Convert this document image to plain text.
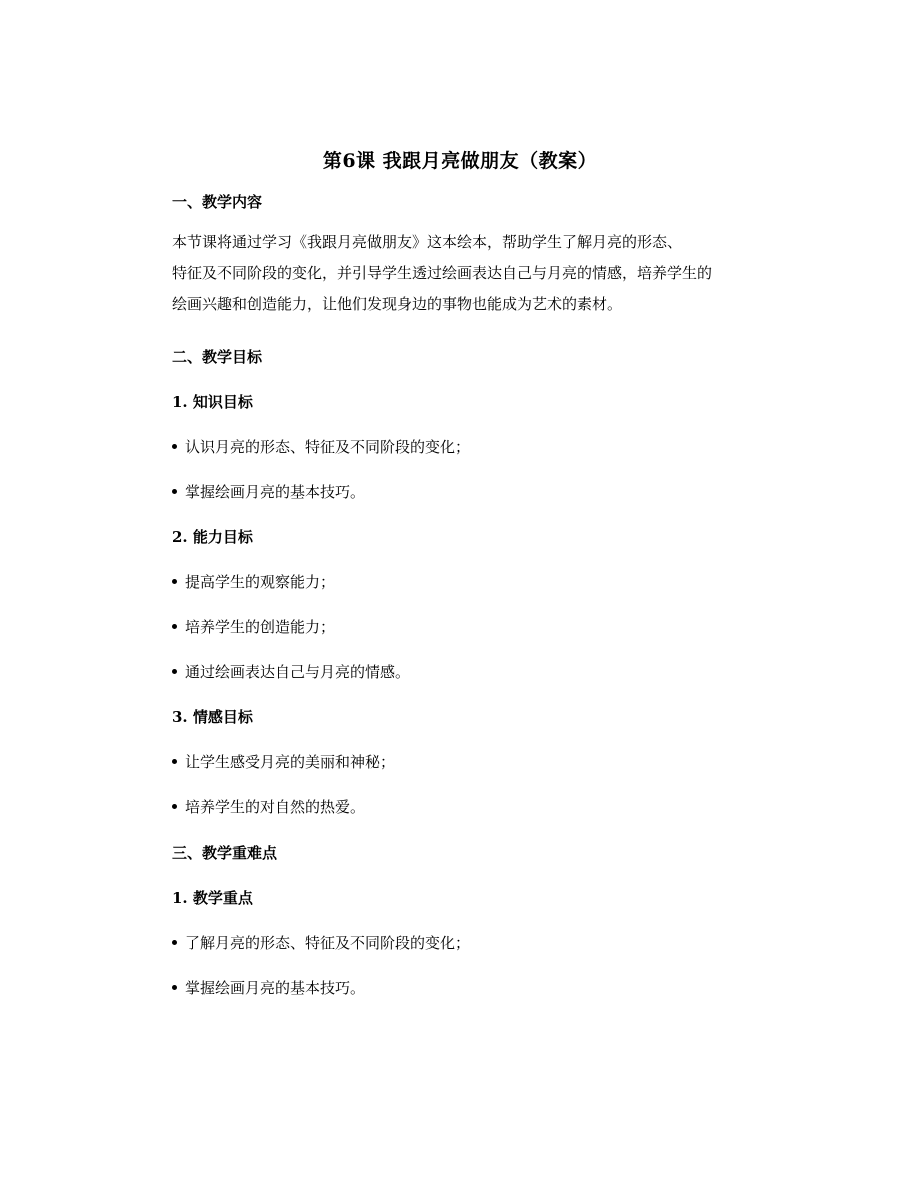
第6课 我跟月亮做朋友（教案）
一、教学内容
本节课将通过学习《我跟月亮做朋友》这本绘本，帮助学生了解月亮的形态、
特征及不同阶段的变化，并引导学生透过绘画表达自己与月亮的情感，培养学生的
绘画兴趣和创造能力，让他们发现身边的事物也能成为艺术的素材。
二、教学目标
1. 知识目标
认识月亮的形态、特征及不同阶段的变化；
掌握绘画月亮的基本技巧。
2. 能力目标
提高学生的观察能力；
培养学生的创造能力；
通过绘画表达自己与月亮的情感。
3. 情感目标
让学生感受月亮的美丽和神秘；
培养学生的对自然的热爱。
三、教学重难点
1. 教学重点
了解月亮的形态、特征及不同阶段的变化；
掌握绘画月亮的基本技巧。
